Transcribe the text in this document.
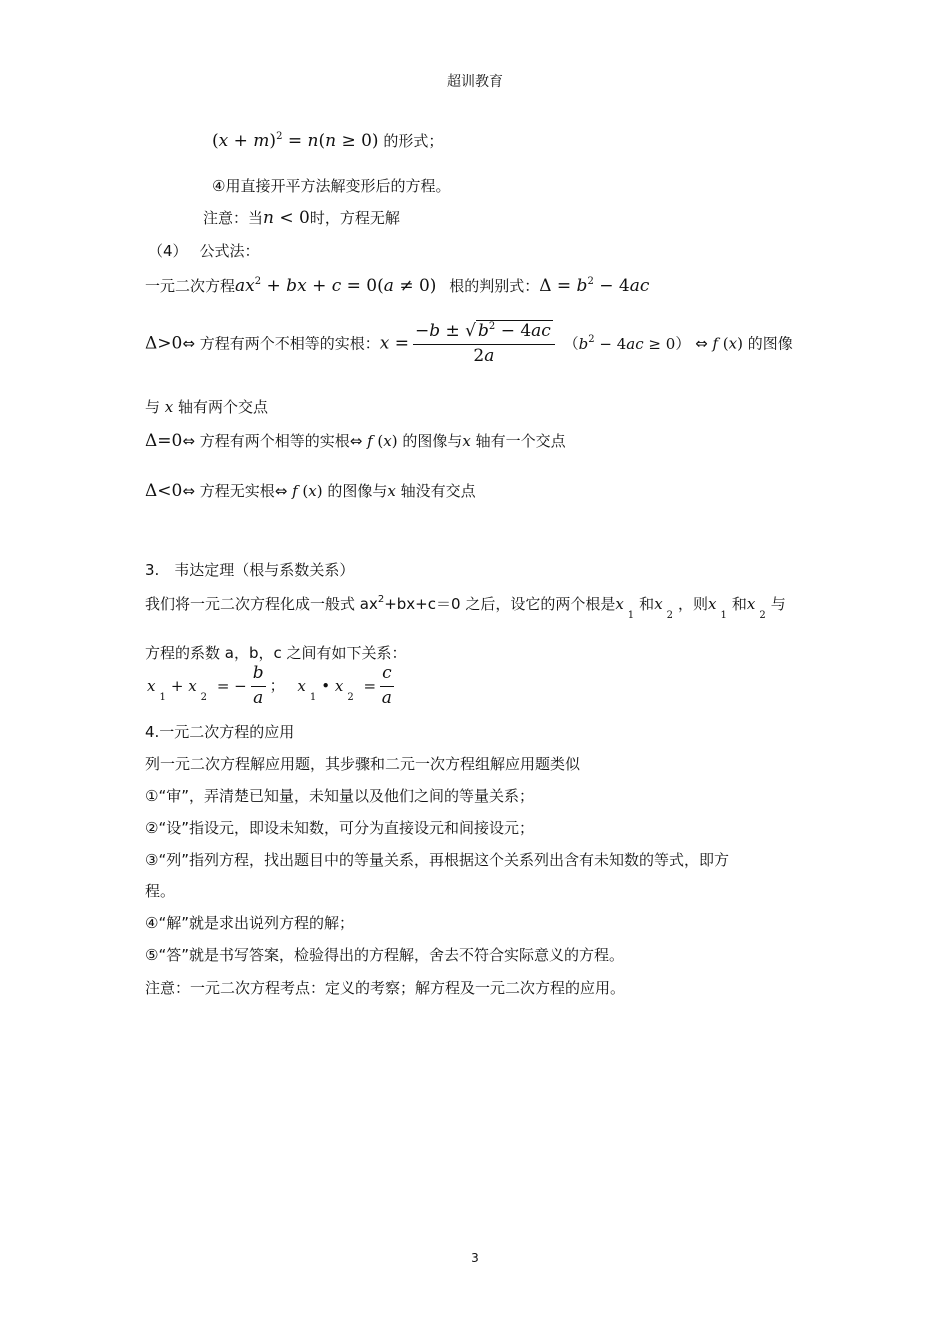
超训教育
$(x + m)^2 = n(n \ge 0)$ 的形式；
④用直接开平方法解变形后的方程。
注意：当n < 0时，方程无解
（4） 公式法：
一元二次方程$ax^2$ + bx + c = 0(a ≠ 0) 根的判别式：$\Delta = b^2 - 4ac$
Δ>0⇔ 方程有两个不相等的实根：$x = \frac{-b \pm √ b^2 - 4ac}{2a} (b^2 - 4ac \ge 0)$ ⇔ f (x) 的图像
与 x 轴有两个交点
Δ=0⇔ 方程有两个相等的实根⇔ f (x) 的图像与x 轴有一个交点
Δ<0⇔ 方程无实根⇔ f (x) 的图像与x 轴没有交点
3.　韦达定理（根与系数关系）
我们将一元二次方程化成一般式 $ax^2+bx+c=0$ 之后，设它的两个根是$x_1$和$x_2$，则$x_1$和$x_2$与
方程的系数 a，b，c 之间有如下关系：
$x_1+ x_2$ = − $\frac{b}{a}$ ； $x_1•$ $x_2 = \frac{c}{a}$
4.一元二次方程的应用
列一元二次方程解应用题，其步骤和二元一次方程组解应用题类似
①“审”，弄清楚已知量，未知量以及他们之间的等量关系；
②“设”指设元，即设未知数，可分为直接设元和间接设元；
③“列”指列方程，找出题目中的等量关系，再根据这个关系列出含有未知数的等式，即方
程。
④“解”就是求出说列方程的解；
⑤“答”就是书写答案，检验得出的方程解，舍去不符合实际意义的方程。
注意：一元二次方程考点：定义的考察；解方程及一元二次方程的应用。
3
